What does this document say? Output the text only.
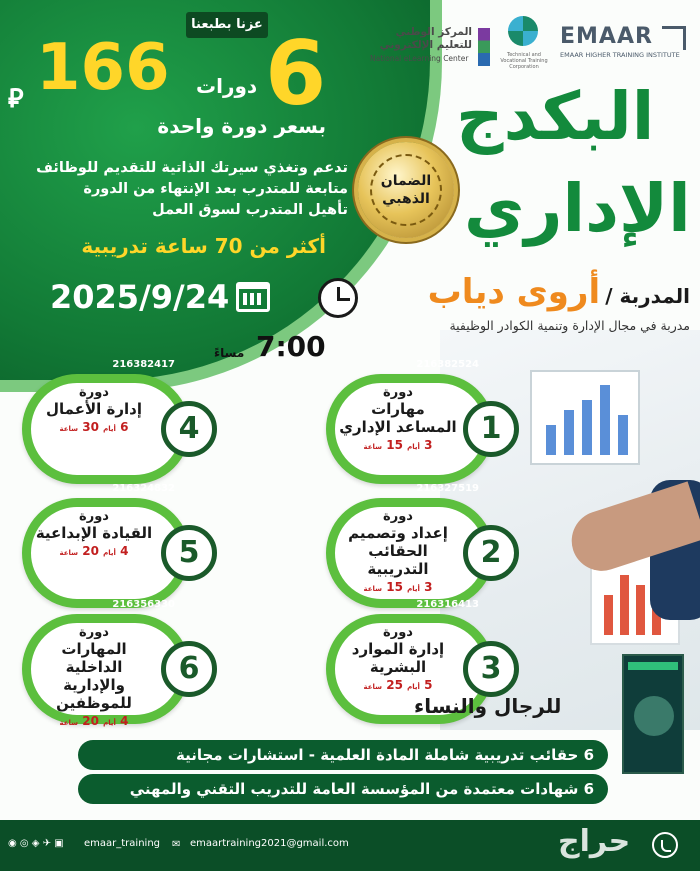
عزنا بطبعنا 6
دورات
166
⃁
بسعر دورة واحدة
تدعم وتغذي سيرتك الذاتية للتقديم للوظائف
متابعة للمتدرب بعد الإنتهاء من الدورة
تأهيل المتدرب لسوق العمل
أكثر من 70 ساعة تدريبية
2025/9/24
7:00
مساءً
الضمان
الذهبي
EMAAR
EMAAR HIGHER TRAINING INSTITUTE
Technical and Vocational Training Corporation
المركز الوطني
للتعليم الإلكتروني
National eLearning Center
البكدج
الإداري
المدربة / أروى دياب
مدربة في مجال الإدارة وتنمية الكوادر الوظيفية
216382524
1
دورة
مهارات المساعد الإداري
3 أيام 15 ساعة
216327519
2
دورة
إعداد وتصميم الحقائب التدريبية
3 أيام 15 ساعة
216316413
3
دورة
إدارة الموارد البشرية
5 أيام 25 ساعة
216382417
4
دورة
إدارة الأعمال
6 أيام 30 ساعة
216324832
5
دورة
القيادة الإبداعية
4 أيام 20 ساعة
216356330
6
دورة
المهارات الداخلية والإدارية للموظفين
4 أيام 20 ساعة
للرجال والنساء
6 حقائب تدريبية شاملة المادة العلمية - استشارات مجانية
6 شهادات معتمدة من المؤسسة العامة للتدريب التقني والمهني
◉ ◎ ◈ ✈ ▣ emaar_training ✉ emaartraining2021@gmail.com	حراج
